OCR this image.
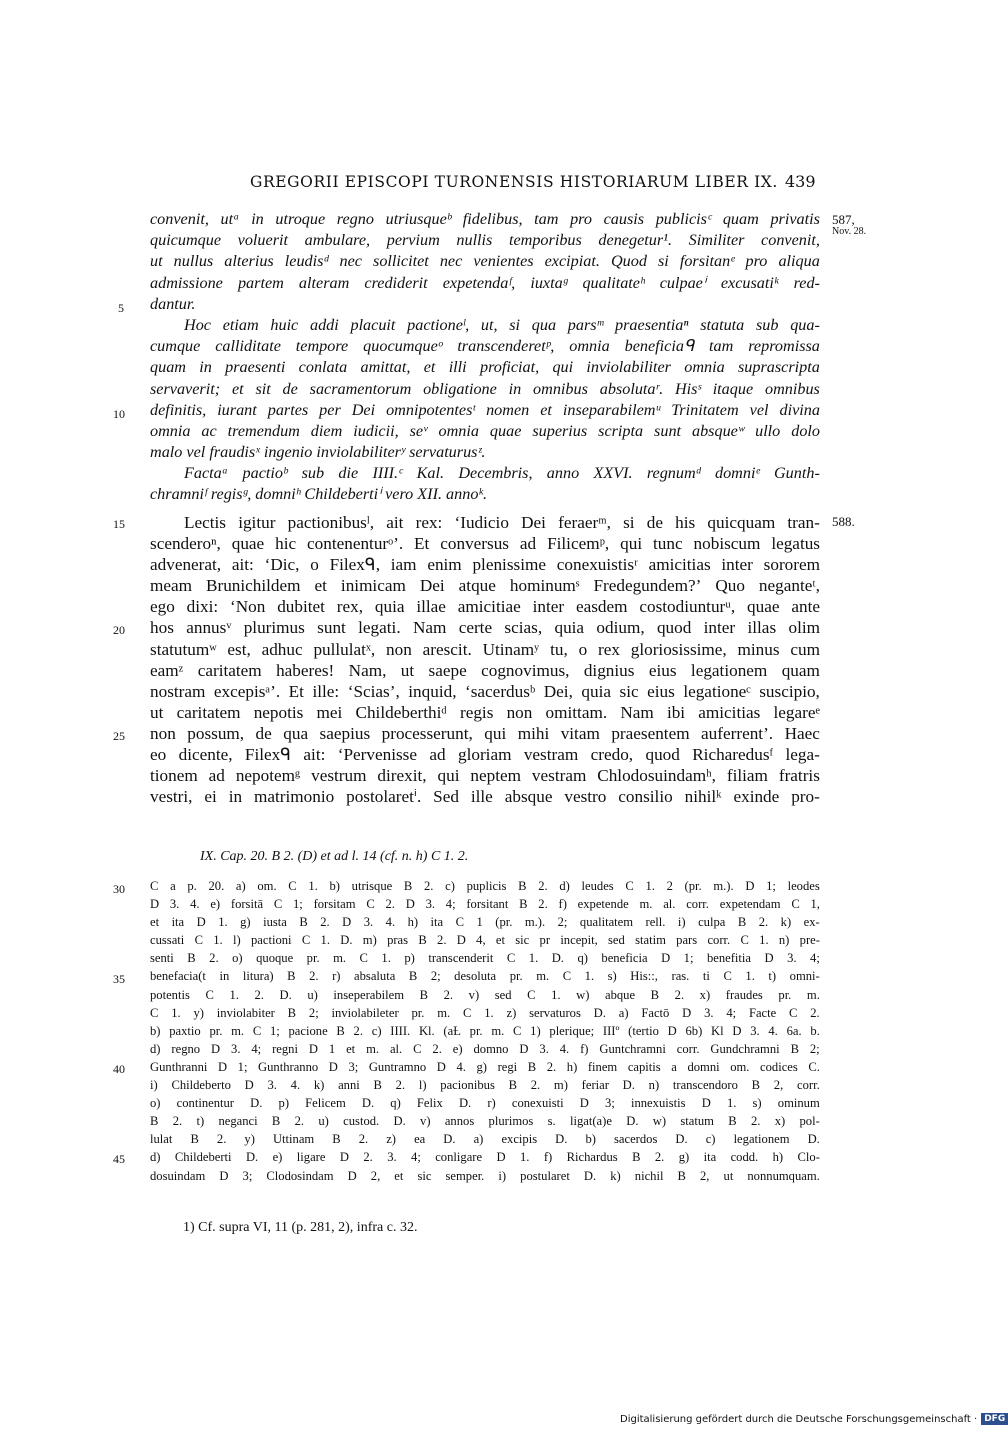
GREGORII EPISCOPI TURONENSIS HISTORIARUM LIBER IX. 439
587,
Nov. 28.
588.
5
10
15
20
25
30
35
40
45
convenit, utᵃ in utroque regno utriusqueᵇ fidelibus, tam pro causis publicisᶜ quam privatis
quicumque voluerit ambulare, pervium nullis temporibus denegetur¹. Similiter convenit,
ut nullus alterius leudisᵈ nec sollicitet nec venientes excipiat. Quod si forsitanᵉ pro aliqua
admissione partem alteram crediderit expetendaᶠ, iuxtaᵍ qualitateʰ culpaeⁱ excusatiᵏ red-
dantur.
Hoc etiam huic addi placuit pactioneˡ, ut, si qua parsᵐ praesentiaⁿ statuta sub qua-
cumque calliditate tempore quocumqueᵒ transcenderetᵖ, omnia beneficiaᑫ tam repromissa
quam in praesenti conlata amittat, et illi proficiat, qui inviolabiliter omnia suprascripta
servaverit; et sit de sacramentorum obligatione in omnibus absolutaʳ. Hisˢ itaque omnibus
definitis, iurant partes per Dei omnipotentesᵗ nomen et inseparabilemᵘ Trinitatem vel divina
omnia ac tremendum diem iudicii, seᵛ omnia quae superius scripta sunt absqueʷ ullo dolo
malo vel fraudisˣ ingenio inviolabiliterʸ servaturusᶻ.
Factaᵃ pactioᵇ sub die IIII.ᶜ Kal. Decembris, anno XXVI. regnumᵈ domniᵉ Gunth-
chramniᶠ regisᵍ, domniʰ Childebertiⁱ vero XII. annoᵏ.
Lectis igitur pactionibusˡ, ait rex: ‘Iudicio Dei feraerᵐ, si de his quicquam tran-
scenderoⁿ, quae hic contenenturᵒ’. Et conversus ad Filicemᵖ, qui tunc nobiscum legatus
advenerat, ait: ‘Dic, o Filexᑫ, iam enim plenissime conexuistisʳ amicitias inter sororem
meam Brunichildem et inimicam Dei atque hominumˢ Fredegundem?’ Quo neganteᵗ,
ego dixi: ‘Non dubitet rex, quia illae amicitiae inter easdem costodiunturᵘ, quae ante
hos annusᵛ plurimus sunt legati. Nam certe scias, quia odium, quod inter illas olim
statutumʷ est, adhuc pullulatˣ, non arescit. Utinamʸ tu, o rex gloriosissime, minus cum
eamᶻ caritatem haberes! Nam, ut saepe cognovimus, dignius eius legationem quam
nostram excepisᵃ’. Et ille: ‘Scias’, inquid, ‘sacerdusᵇ Dei, quia sic eius legationeᶜ suscipio,
ut caritatem nepotis mei Childeberthiᵈ regis non omittam. Nam ibi amicitias legareᵉ
non possum, de qua saepius processerunt, qui mihi vitam praesentem auferrent’. Haec
eo dicente, Filexᑫ ait: ‘Pervenisse ad gloriam vestram credo, quod Richaredusᶠ lega-
tionem ad nepotemᵍ vestrum direxit, qui neptem vestram Chlodosuindamʰ, filiam fratris
vestri, ei in matrimonio postolaretⁱ. Sed ille absque vestro consilio nihilᵏ exinde pro-
IX. Cap. 20. B 2. (D) et ad l. 14 (cf. n. h) C 1. 2.
C a p. 20. a) om. C 1. b) utrisque B 2. c) puplicis B 2. d) leudes C 1. 2 (pr. m.). D 1; leodes
D 3. 4. e) forsitā C 1; forsitam C 2. D 3. 4; forsitant B 2. f) expetende m. al. corr. expetendam C 1,
et ita D 1. g) iusta B 2. D 3. 4. h) ita C 1 (pr. m.). 2; qualitatem rell. i) culpa B 2. k) ex-
cussati C 1. l) pactioni C 1. D. m) pras B 2. D 4, et sic pr incepit, sed statim pars corr. C 1. n) pre-
senti B 2. o) quoque pr. m. C 1. p) transcenderit C 1. D. q) beneficia D 1; benefitia D 3. 4;
benefacia(t in litura) B 2. r) absaluta B 2; desoluta pr. m. C 1. s) His::, ras. ti C 1. t) omni-
potentis C 1. 2. D. u) inseperabilem B 2. v) sed C 1. w) abque B 2. x) fraudes pr. m.
C 1. y) inviolabiter B 2; inviolabileter pr. m. C 1. z) servaturos D. a) Factō D 3. 4; Facte C 2.
b) paxtio pr. m. C 1; pacione B 2. c) IIII. Kl. (aȽ pr. m. C 1) plerique; IIIº (tertio D 6b) Kl D 3. 4. 6a. b.
d) regno D 3. 4; regni D 1 et m. al. C 2. e) domno D 3. 4. f) Guntchramni corr. Gundchramni B 2;
Gunthranni D 1; Gunthranno D 3; Guntramno D 4. g) regi B 2. h) finem capitis a domni om. codices C.
i) Childeberto D 3. 4. k) anni B 2. l) pacionibus B 2. m) feriar D. n) transcendoro B 2, corr.
o) continentur D. p) Felicem D. q) Felix D. r) conexuisti D 3; innexuistis D 1. s) ominum
B 2. t) neganci B 2. u) custod. D. v) annos plurimos s. ligat(a)e D. w) statum B 2. x) pol-
lulat B 2. y) Uttinam B 2. z) ea D. a) excipis D. b) sacerdos D. c) legationem D.
d) Childeberti D. e) ligare D 2. 3. 4; conligare D 1. f) Richardus B 2. g) ita codd. h) Clo-
dosuindam D 3; Clodosindam D 2, et sic semper. i) postularet D. k) nichil B 2, ut nonnumquam.
1) Cf. supra VI, 11 (p. 281, 2), infra c. 32.
Digitalisierung gefördert durch die Deutsche Forschungsgemeinschaft · DFG
